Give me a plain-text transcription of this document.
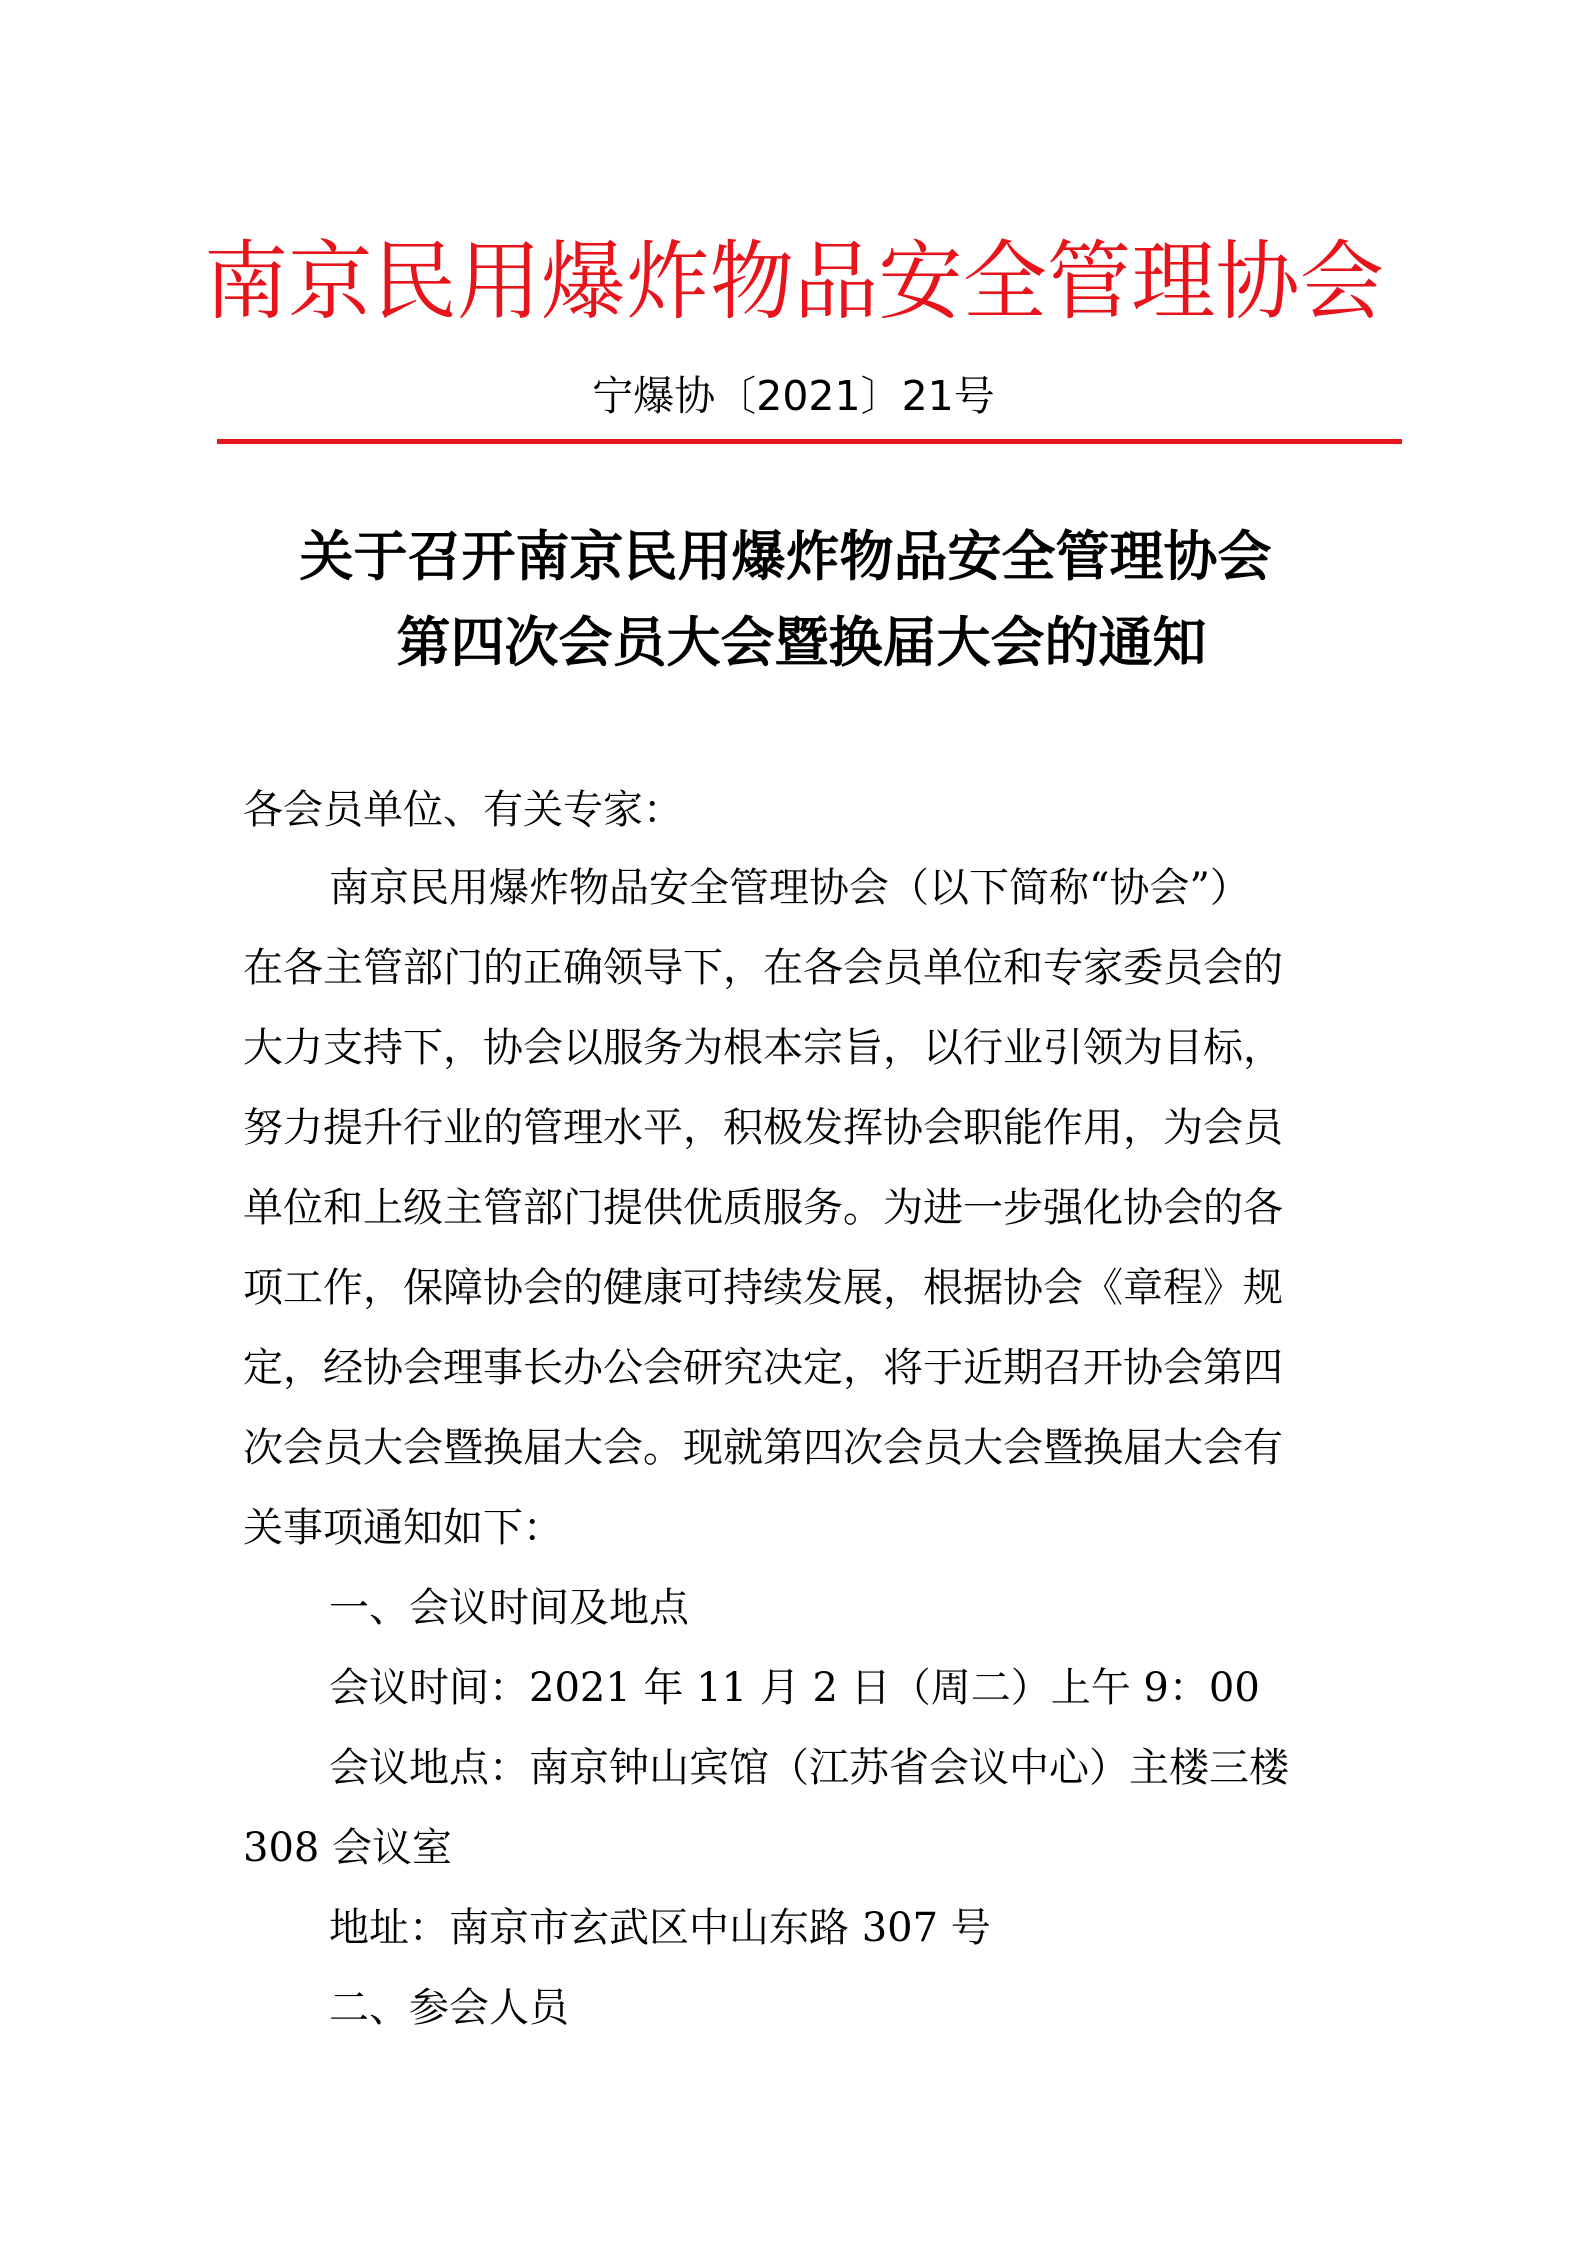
南京民用爆炸物品安全管理协会
宁爆协〔2021〕21号
关于召开南京民用爆炸物品安全管理协会
第四次会员大会暨换届大会的通知
各会员单位、有关专家：
南京民用爆炸物品安全管理协会（以下简称“协会”）
在各主管部门的正确领导下，在各会员单位和专家委员会的
大力支持下，协会以服务为根本宗旨，以行业引领为目标，
努力提升行业的管理水平，积极发挥协会职能作用，为会员
单位和上级主管部门提供优质服务。为进一步强化协会的各
项工作，保障协会的健康可持续发展，根据协会《章程》规
定，经协会理事长办公会研究决定，将于近期召开协会第四
次会员大会暨换届大会。现就第四次会员大会暨换届大会有
关事项通知如下：
一、会议时间及地点
会议时间：2021 年 11 月 2 日（周二）上午 9：00
会议地点：南京钟山宾馆（江苏省会议中心）主楼三楼
308 会议室
地址：南京市玄武区中山东路 307 号
二、参会人员
